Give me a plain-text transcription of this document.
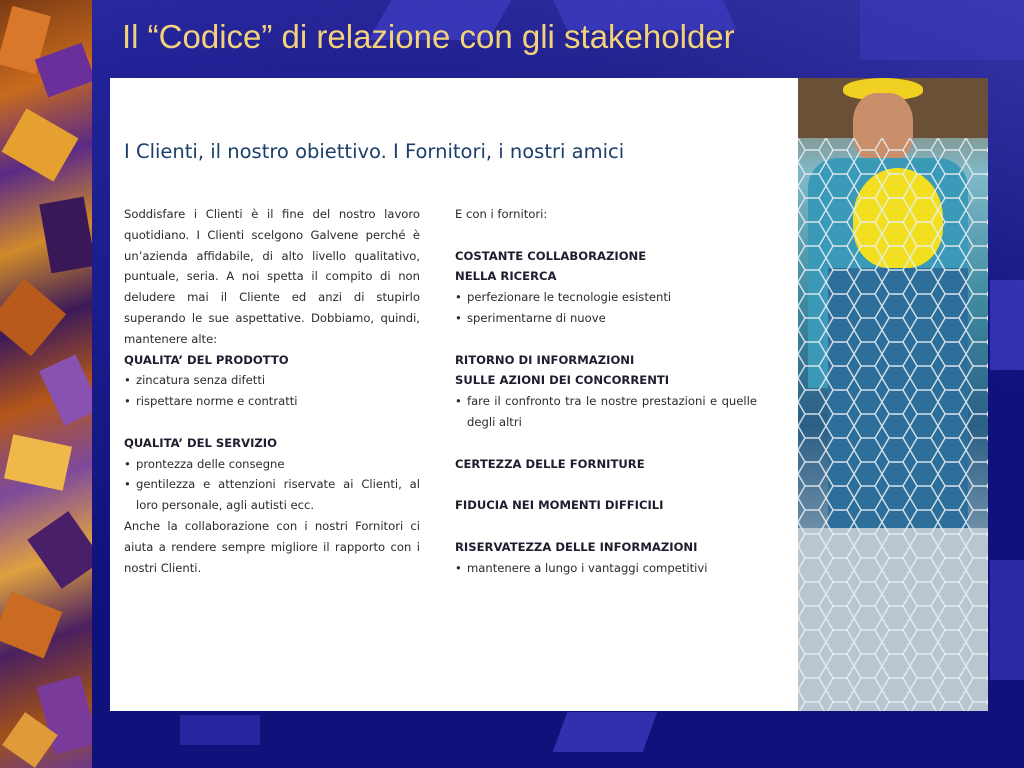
Il “Codice” di relazione con gli stakeholder
I Clienti, il nostro obiettivo. I Fornitori, i nostri amici
Soddisfare i Clienti è il fine del nostro lavoro quotidiano. I Clienti scelgono Galvene perché è un’azienda affidabile, di alto livello qualitativo, puntuale, seria. A noi spetta il compito di non deludere mai il Cliente ed anzi di stupirlo superando le sue aspettative. Dobbiamo, quindi, mantenere alte:
QUALITA’ DEL PRODOTTO
• zincatura senza difetti
• rispettare norme e contratti
QUALITA’ DEL SERVIZIO
• prontezza delle consegne
• gentilezza e attenzioni riservate ai Clienti, al loro personale, agli autisti ecc.
Anche la collaborazione con i nostri Fornitori ci aiuta a rendere sempre migliore il rapporto con i nostri Clienti.
E con i fornitori:
COSTANTE COLLABORAZIONE
NELLA RICERCA
• perfezionare le tecnologie esistenti
• sperimentarne di nuove
RITORNO DI INFORMAZIONI
SULLE AZIONI DEI CONCORRENTI
• fare il confronto tra le nostre prestazioni e quelle degli altri
CERTEZZA DELLE FORNITURE
FIDUCIA NEI MOMENTI DIFFICILI
RISERVATEZZA DELLE INFORMAZIONI
• mantenere a lungo i vantaggi competitivi
